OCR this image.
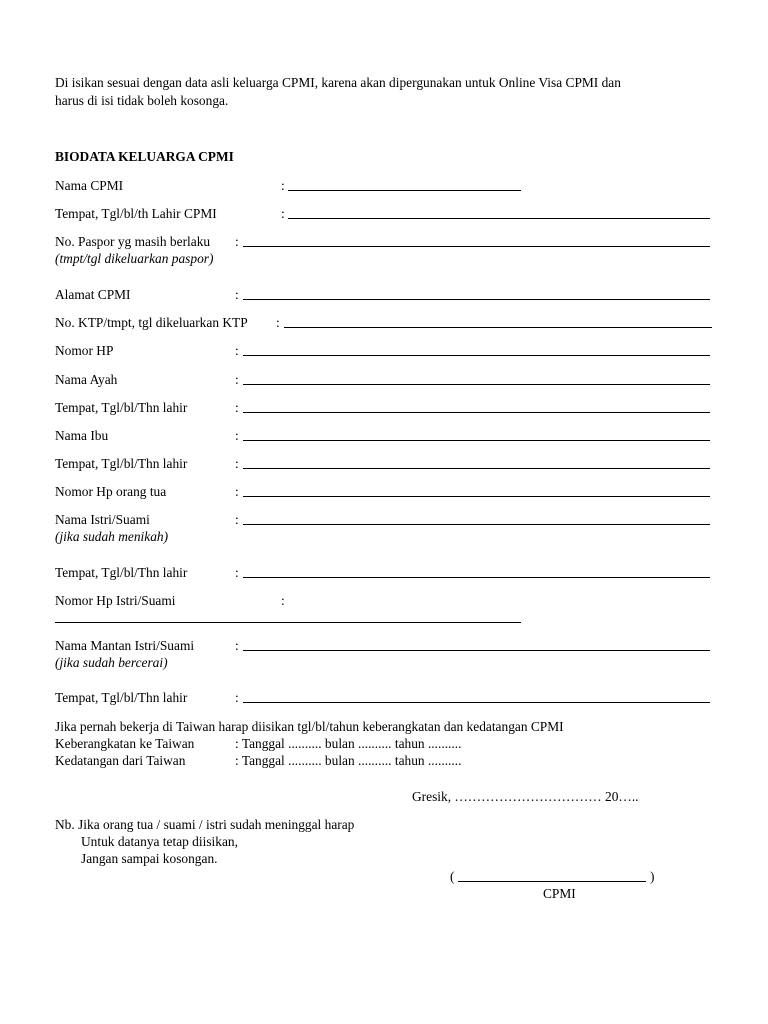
Di isikan sesuai dengan data asli keluarga CPMI, karena akan dipergunakan untuk Online Visa CPMI dan
harus di isi tidak boleh kosonga.
BIODATA KELUARGA CPMI
Nama CPMI	:
Tempat, Tgl/bl/th Lahir CPMI	:
No. Paspor yg masih berlaku :
(tmpt/tgl dikeluarkan paspor)
Alamat CPMI	:
No. KTP/tmpt, tgl dikeluarkan KTP :
Nomor HP	:
Nama Ayah	:
Tempat, Tgl/bl/Thn lahir	:
Nama Ibu	:
Tempat, Tgl/bl/Thn lahir	:
Nomor Hp orang tua	:
Nama Istri/Suami	:
(jika sudah menikah)
Tempat, Tgl/bl/Thn lahir	:
Nomor Hp Istri/Suami	:
Nama Mantan Istri/Suami	:
(jika sudah bercerai)
Tempat, Tgl/bl/Thn lahir	:
Jika pernah bekerja di Taiwan harap diisikan tgl/bl/tahun keberangkatan dan kedatangan CPMI
Keberangkatan ke Taiwan	: Tanggal .......... bulan .......... tahun ..........
Kedatangan dari Taiwan	: Tanggal .......... bulan .......... tahun ..........
Gresik, …………………………… 20…..
Nb. Jika orang tua / suami / istri sudah meninggal harap
Untuk datanya tetap diisikan,
Jangan sampai kosongan.
(	)
CPMI
